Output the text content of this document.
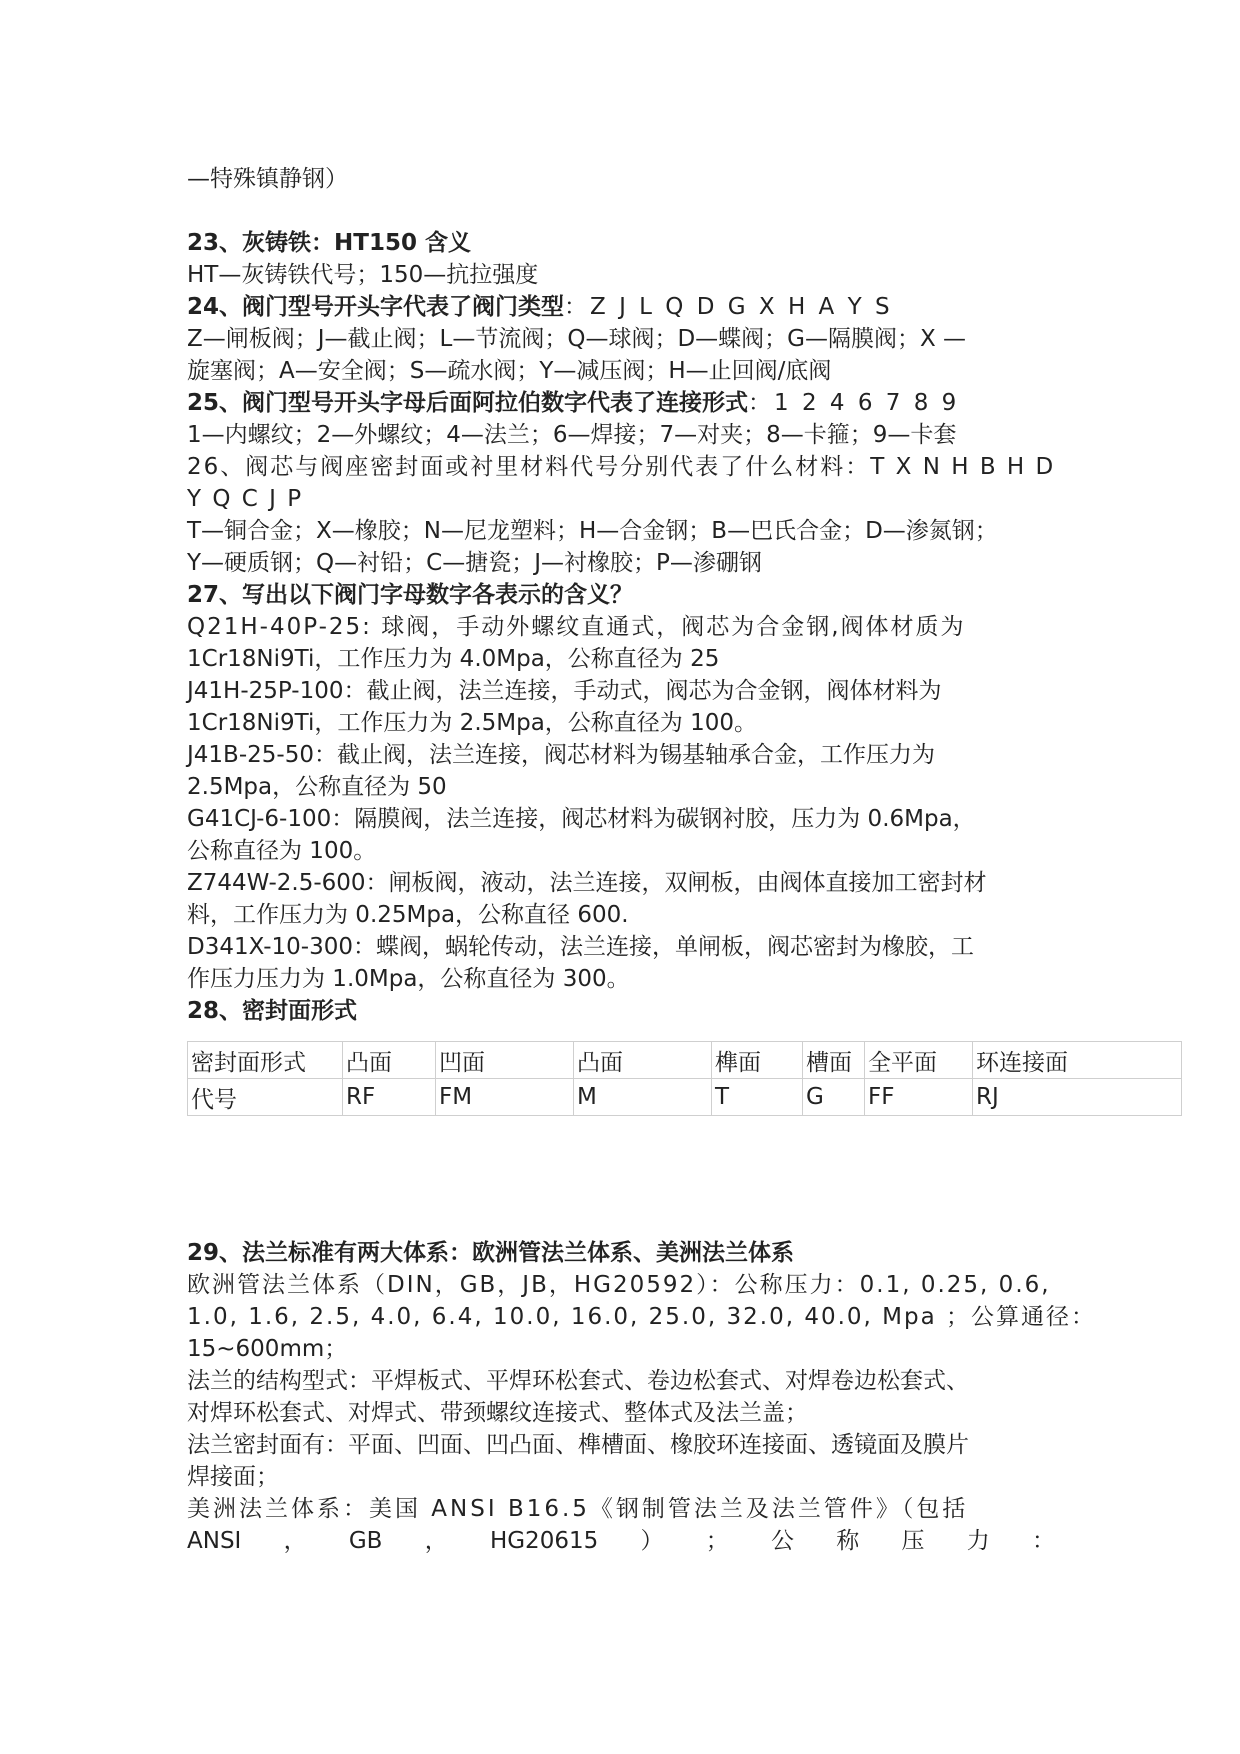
—特殊镇静钢）

23、灰铸铁：HT150 含义

HT—灰铸铁代号；150—抗拉强度

24、阀门型号开头字代表了阀门类型：Z J L Q D G X H A Y S

Z—闸板阀；J—截止阀；L—节流阀；Q—球阀；D—蝶阀；G—隔膜阀；X —

旋塞阀；A—安全阀；S—疏水阀；Y—减压阀；H—止回阀/底阀

25、阀门型号开头字母后面阿拉伯数字代表了连接形式：1 2 4 6 7 8 9

1—内螺纹；2—外螺纹；4—法兰；6—焊接；7—对夹；8—卡箍；9—卡套

26、阀芯与阀座密封面或衬里材料代号分别代表了什么材料：T X N H B H D

Y Q C J P

T—铜合金；X—橡胶；N—尼龙塑料；H—合金钢；B—巴氏合金；D—渗氮钢；

Y—硬质钢；Q—衬铅；C—搪瓷；J—衬橡胶；P—渗硼钢

27、写出以下阀门字母数字各表示的含义？

Q21H-40P-25: 球阀，手动外螺纹直通式，阀芯为合金钢,阀体材质为

1Cr18Ni9Ti，工作压力为 4.0Mpa，公称直径为 25

J41H-25P-100：截止阀，法兰连接，手动式，阀芯为合金钢，阀体材料为

1Cr18Ni9Ti，工作压力为 2.5Mpa，公称直径为 100。

J41B-25-50：截止阀，法兰连接，阀芯材料为锡基轴承合金，工作压力为

2.5Mpa，公称直径为 50

G41CJ-6-100：隔膜阀，法兰连接，阀芯材料为碳钢衬胶，压力为 0.6Mpa，

公称直径为 100。

Z744W-2.5-600：闸板阀，液动，法兰连接，双闸板，由阀体直接加工密封材

料，工作压力为 0.25Mpa，公称直径 600.

D341X-10-300：蝶阀，蜗轮传动，法兰连接，单闸板，阀芯密封为橡胶，工

作压力压力为 1.0Mpa，公称直径为 300。

28、密封面形式

密封面形式	凸面	凹面	凸面	榫面	槽面	全平面	环连接面
代号	RF	FM	M	T	G	FF	RJ

29、法兰标准有两大体系：欧洲管法兰体系、美洲法兰体系

欧洲管法兰体系（DIN，GB，JB，HG20592）：公称压力：0.1, 0.25, 0.6,

1.0, 1.6, 2.5, 4.0, 6.4, 10.0, 16.0, 25.0, 32.0, 40.0, Mpa ；公算通径：

15~600mm；

法兰的结构型式：平焊板式、平焊环松套式、卷边松套式、对焊卷边松套式、

对焊环松套式、对焊式、带颈螺纹连接式、整体式及法兰盖；

法兰密封面有：平面、凹面、凹凸面、榫槽面、橡胶环连接面、透镜面及膜片

焊接面；

美洲法兰体系：美国 ANSI B16.5《钢制管法兰及法兰管件》（包括

ANSI ， GB ， HG20615 ） ； 公 称 压 力 ：
